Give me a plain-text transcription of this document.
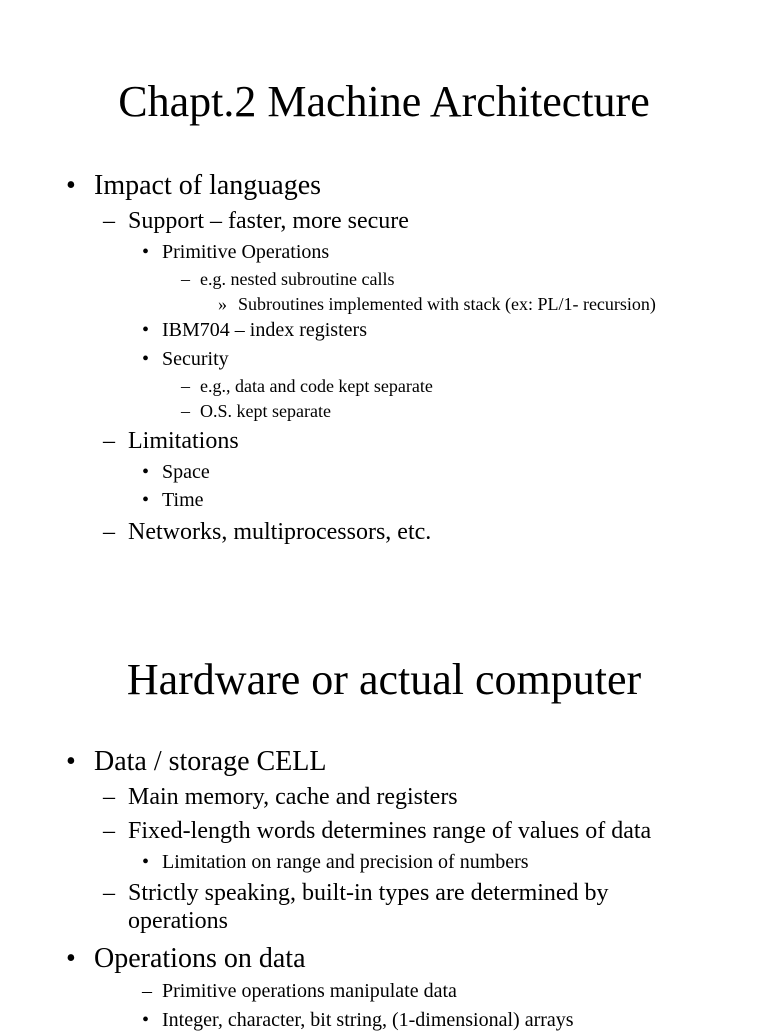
Chapt.2 Machine Architecture
• Impact of languages
– Support – faster, more secure
• Primitive Operations
– e.g. nested subroutine calls
» Subroutines implemented with stack (ex: PL/1- recursion)
• IBM704 – index registers
• Security
– e.g., data and code kept separate
– O.S. kept separate
– Limitations
• Space
• Time
– Networks, multiprocessors, etc.
Hardware or actual computer
• Data / storage CELL
– Main memory, cache and registers
– Fixed-length words determines range of values of data
• Limitation on range and precision of numbers
– Strictly speaking, built-in types are determined by
operations
• Operations on data
– Primitive operations manipulate data
• Integer, character, bit string, (1-dimensional) arrays
